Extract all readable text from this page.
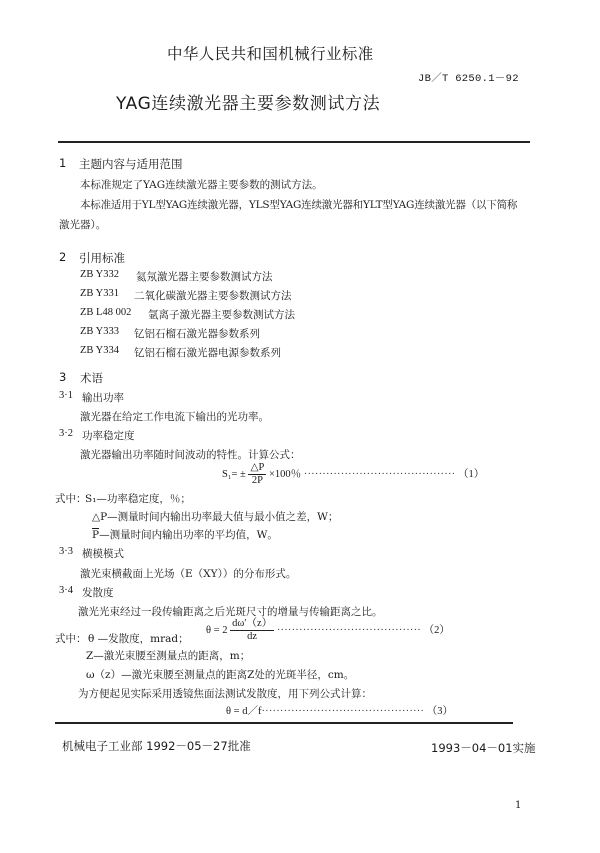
中华人民共和国机械行业标准
JB／T 6250.1－92
YAG连续激光器主要参数测试方法
1 主题内容与适用范围
本标准规定了YAG连续激光器主要参数的测试方法。
本标准适用于YL型YAG连续激光器，YLS型YAG连续激光器和YLT型YAG连续激光器（以下简称
激光器）。
2 引用标准
ZB Y332 氦氖激光器主要参数测试方法
ZB Y331 二氧化碳激光器主要参数测试方法
ZB L48 002 氩离子激光器主要参数测试方法
ZB Y333 钇铝石榴石激光器参数系列
ZB Y334 钇铝石榴石激光器电源参数系列
3 术语
3·1 输出功率
激光器在给定工作电流下输出的光功率。
3·2 功率稳定度
激光器输出功率随时间波动的特性。计算公式：
$S_1= \pm \frac{\triangle P}{2P} \times 100$％ ········································· （1）
式中：
S₁—功率稳定度，％；
△P—测量时间内输出功率最大值与最小值之差，W；
$\overline{P}—$测量时间内输出功率的平均值，W。
3·3 横模模式
激光束横截面上光场（E（XY））的分布形式。
3·4 发散度
激光光束经过一段传输距离之后光斑尺寸的增量与传输距离之比。
$\theta = 2 \frac{d\omega'(z)}{dz}$ ······································· （2）
式中： θ —发散度，mrad；
Z—激光束腰至测量点的距离，m；
ω（z）—激光束腰至测量点的距离Z处的光斑半径，cm。
为方便起见实际采用透镜焦面法测试发散度，用下列公式计算：
θ = d／f············································ （3）
机械电子工业部 1992－05－27批准	1993－04－01实施
1
